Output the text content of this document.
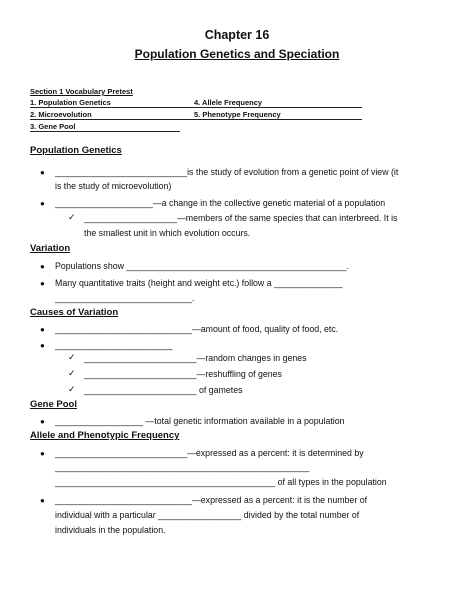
Chapter 16
Population Genetics and Speciation
Section 1 Vocabulary Pretest
1. Population Genetics
2. Microevolution
3. Gene Pool
4. Allele Frequency
5. Phenotype Frequency
Population Genetics
● ___________________________is the study of evolution from a genetic point of view (it
is the study of microevolution)
● ____________________—a change in the collective genetic material of a population
✓ ___________________—members of the same species that can interbreed. It is
the smallest unit in which evolution occurs.
Variation
● Populations show _____________________________________________.
● Many quantitative traits (height and weight etc.) follow a ______________
____________________________.
Causes of Variation
● ____________________________—amount of food, quality of food, etc.
● ________________________
✓ _______________________—random changes in genes
✓ _______________________—reshuffling of genes
✓ _______________________ of gametes
Gene Pool
● __________________ —total genetic information available in a population
Allele and Phenotypic Frequency
● ___________________________—expressed as a percent: it is determined by
____________________________________________________
_____________________________________________ of all types in the population
● ____________________________—expressed as a percent: it is the number of
individual with a particular _________________ divided by the total number of
individuals in the population.
